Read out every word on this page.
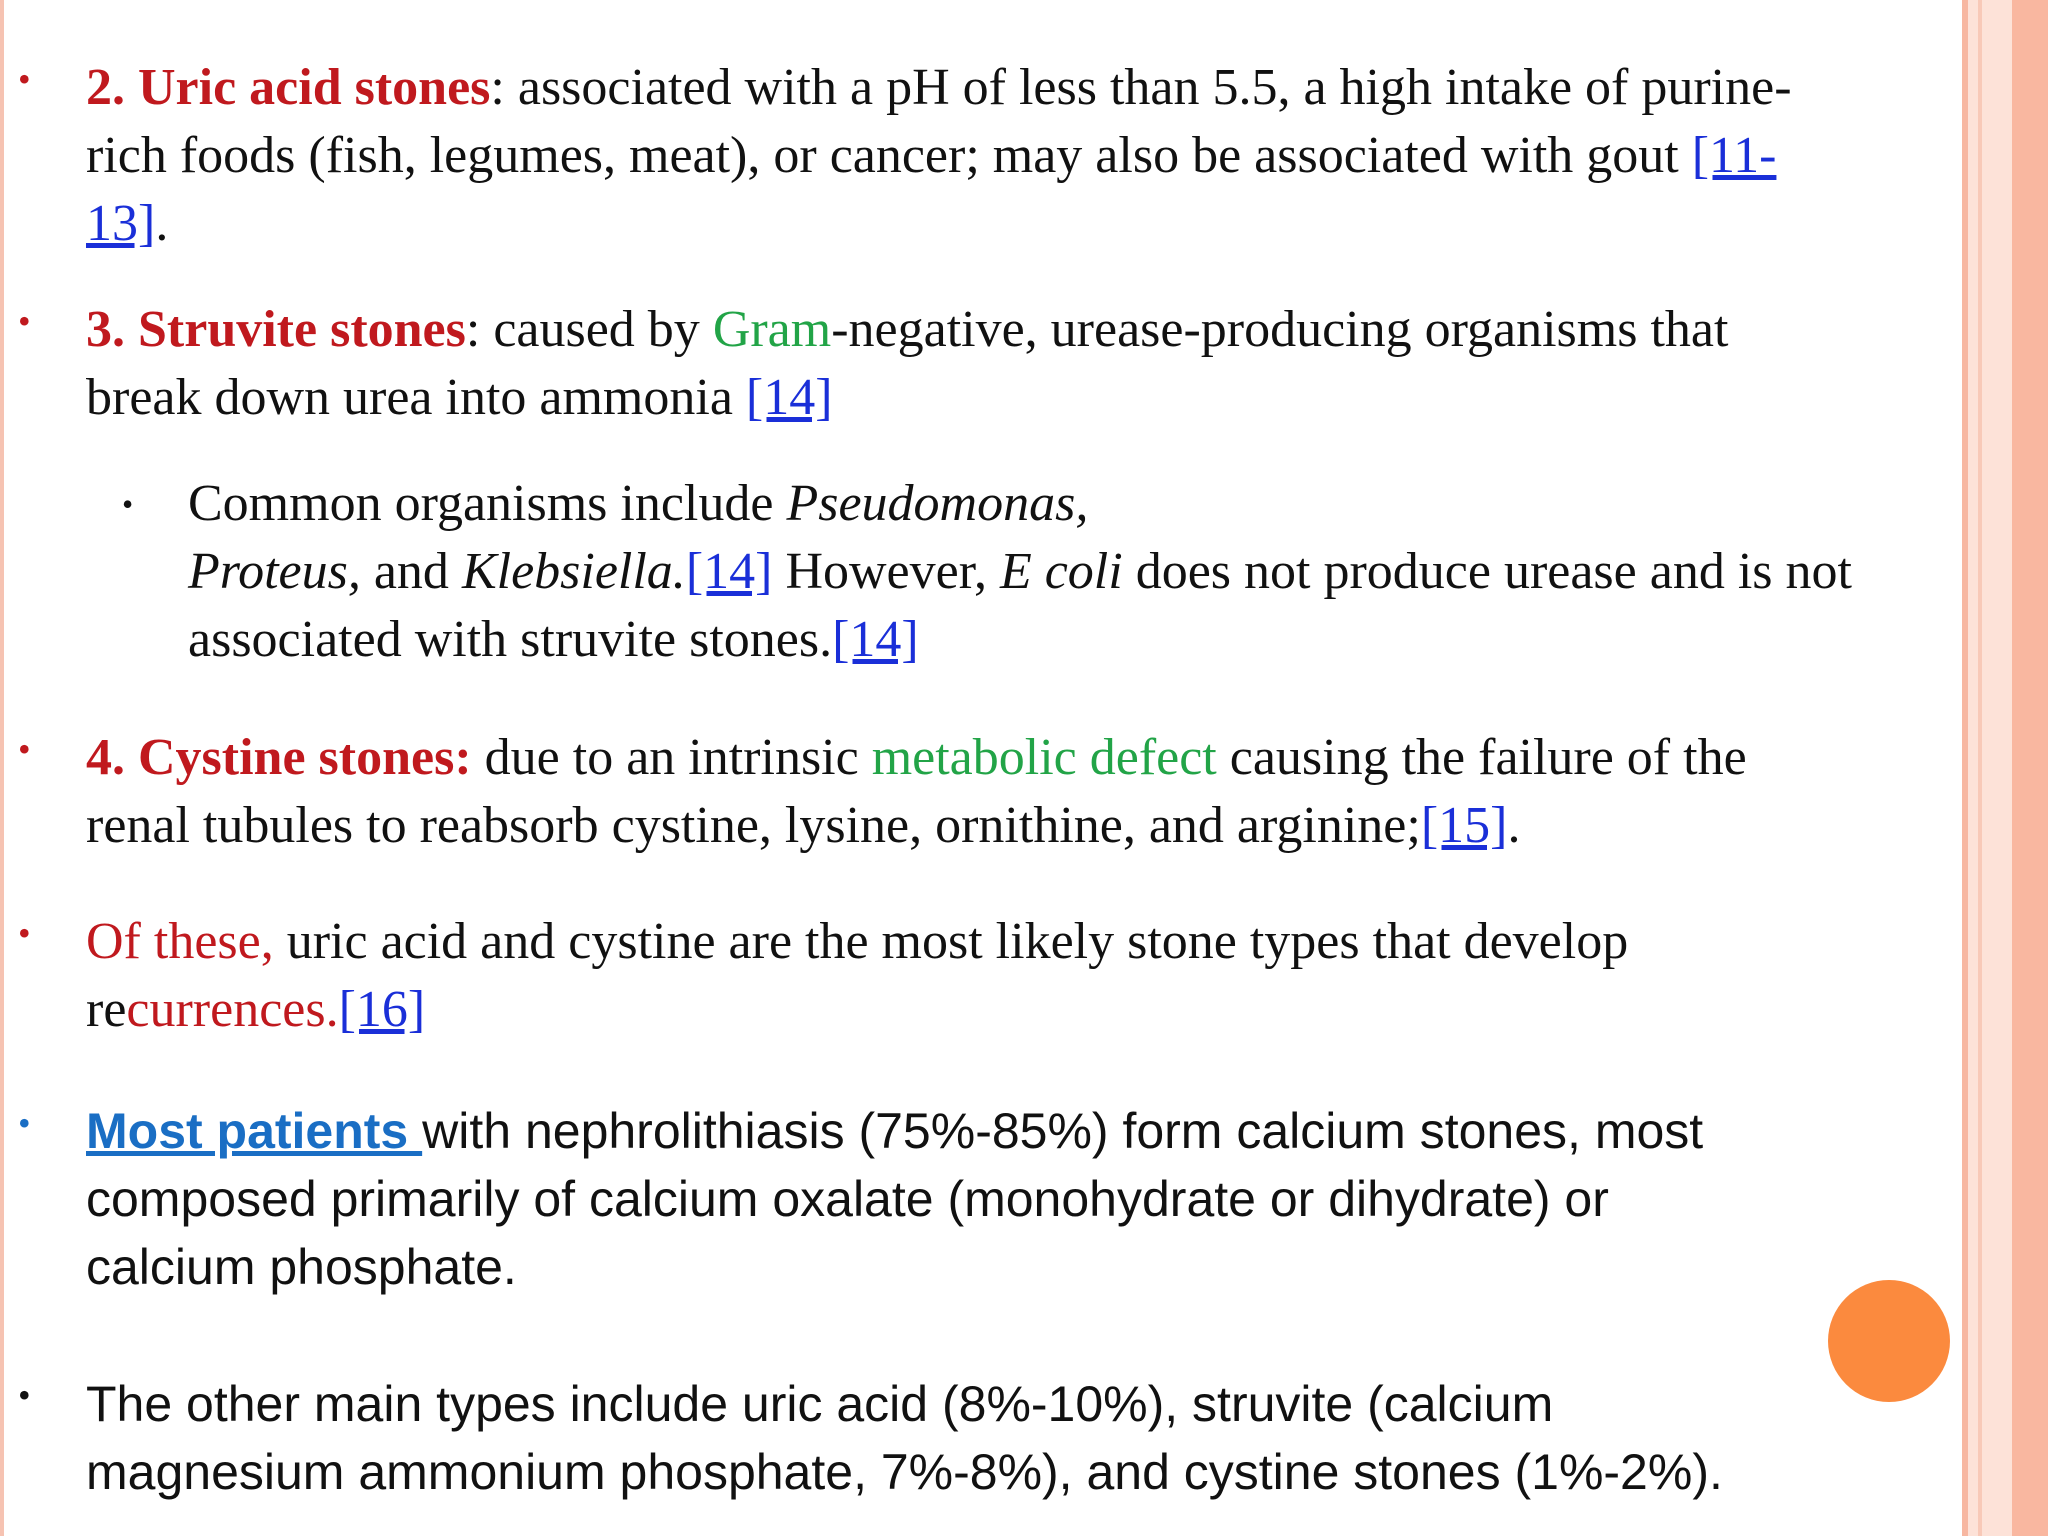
• 2. Uric acid stones: associated with a pH of less than 5.5, a high intake of purine-
rich foods (fish, legumes, meat), or cancer; may also be associated with gout [11-
13].
• 3. Struvite stones: caused by Gram-negative, urease-producing organisms that
break down urea into ammonia [14]
• Common organisms include Pseudomonas,
Proteus, and Klebsiella.[14] However, E coli does not produce urease and is not
associated with struvite stones.[14]
• 4. Cystine stones: due to an intrinsic metabolic defect causing the failure of the
renal tubules to reabsorb cystine, lysine, ornithine, and arginine;[15].
• Of these, uric acid and cystine are the most likely stone types that develop
recurrences.[16]
• Most patients with nephrolithiasis (75%-85%) form calcium stones, most
composed primarily of calcium oxalate (monohydrate or dihydrate) or
calcium phosphate.
• The other main types include uric acid (8%-10%), struvite (calcium
magnesium ammonium phosphate, 7%-8%), and cystine stones (1%-2%).
